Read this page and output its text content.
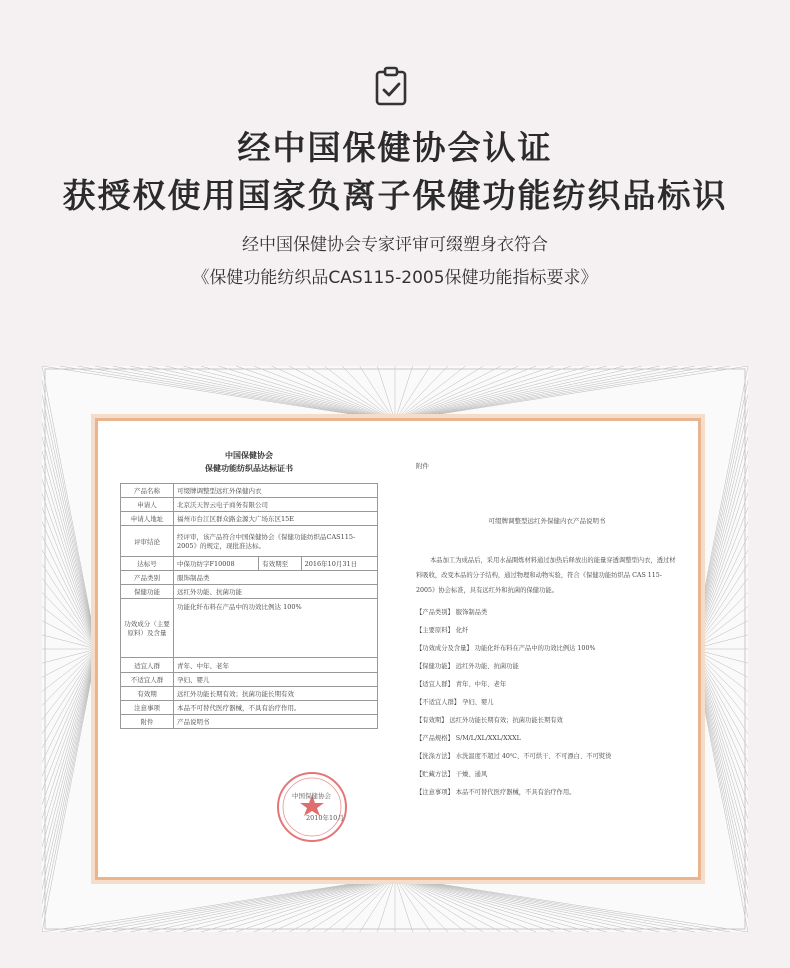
经中国保健协会认证
获授权使用国家负离子保健功能纺织品标识
经中国保健协会专家评审可缀塑身衣符合
《保健功能纺织品CAS115-2005保健功能指标要求》
中国保健协会
保健功能纺织品达标证书
产品名称	可缀牌调整型远红外保健内衣		
申请人	北京沃天智云电子商务有限公司		
申请人地址	福州市台江区群众路金源大广场东区15E		
评审结论	经评审，该产品符合中国保健协会《保健功能纺织品CAS115-2005》的规定，现批准达标。		
达标号	中保功纺字F10008	有效期至	2016年10月31日
产品类别	服饰制品类		
保健功能	远红外功能、抗菌功能		
功效成分（主要原料）及含量	功能化纤布料在产品中的功效比例达 100%		
适宜人群	青年、中年、老年		
不适宜人群	孕妇、婴儿		
有效期	远红外功能长期有效；抗菌功能长期有效		
注意事项	本品不可替代医疗器械，不具有治疗作用。		
附件	产品说明书		
中国保健协会
2010年10月
附件
可缀牌调整型远红外保健内衣产品说明书
本品加工为成品后，采用水晶圈炼材料通过加热后释放出的能量穿透调整型内衣，透过材料吸收，改变本品的分子结构，通过物理和动物实验，符合《保健功能纺织品 CAS 115-2005》协会标准，具有远红外和抗菌的保健功能。
【产品类别】 服饰制品类
【主要原料】 化纤
【功效成分及含量】 功能化纤布料在产品中的功效比例达 100%
【保健功能】 远红外功能、抗菌功能
【适宜人群】 青年、中年、老年
【不适宜人群】 孕妇、婴儿
【有效期】 远红外功能长期有效；抗菌功能长期有效
【产品规格】 S/M/L/XL/XXL/XXXL
【洗涤方法】 水洗温度不超过 40℃、不可烘干、不可漂白、不可熨烫
【贮藏方法】 干燥、通风
【注意事项】 本品不可替代医疗器械，不具有治疗作用。
